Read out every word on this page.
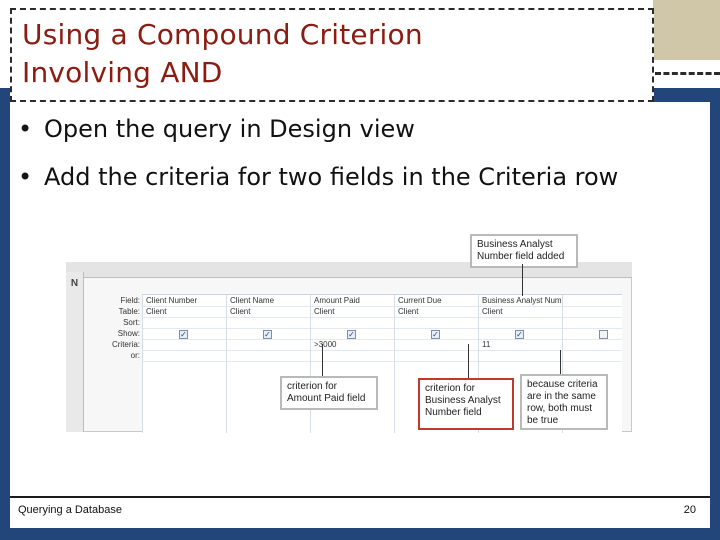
Using a Compound Criterion
Involving AND
• Open the query in Design view
• Add the criteria for two fields in the Criteria row
N
Field:
Table:
Sort:
Show:
Criteria:
or:
Client Number
Client
✓
Client Name
Client
✓
Amount Paid
Client
✓
>3000
Current Due
Client
✓
Business Analyst Num
Client
✓
11
Business Analyst Number field added
criterion for Amount Paid field
criterion for Business Analyst Number field
because criteria are in the same row, both must be true
Querying a Database	20
